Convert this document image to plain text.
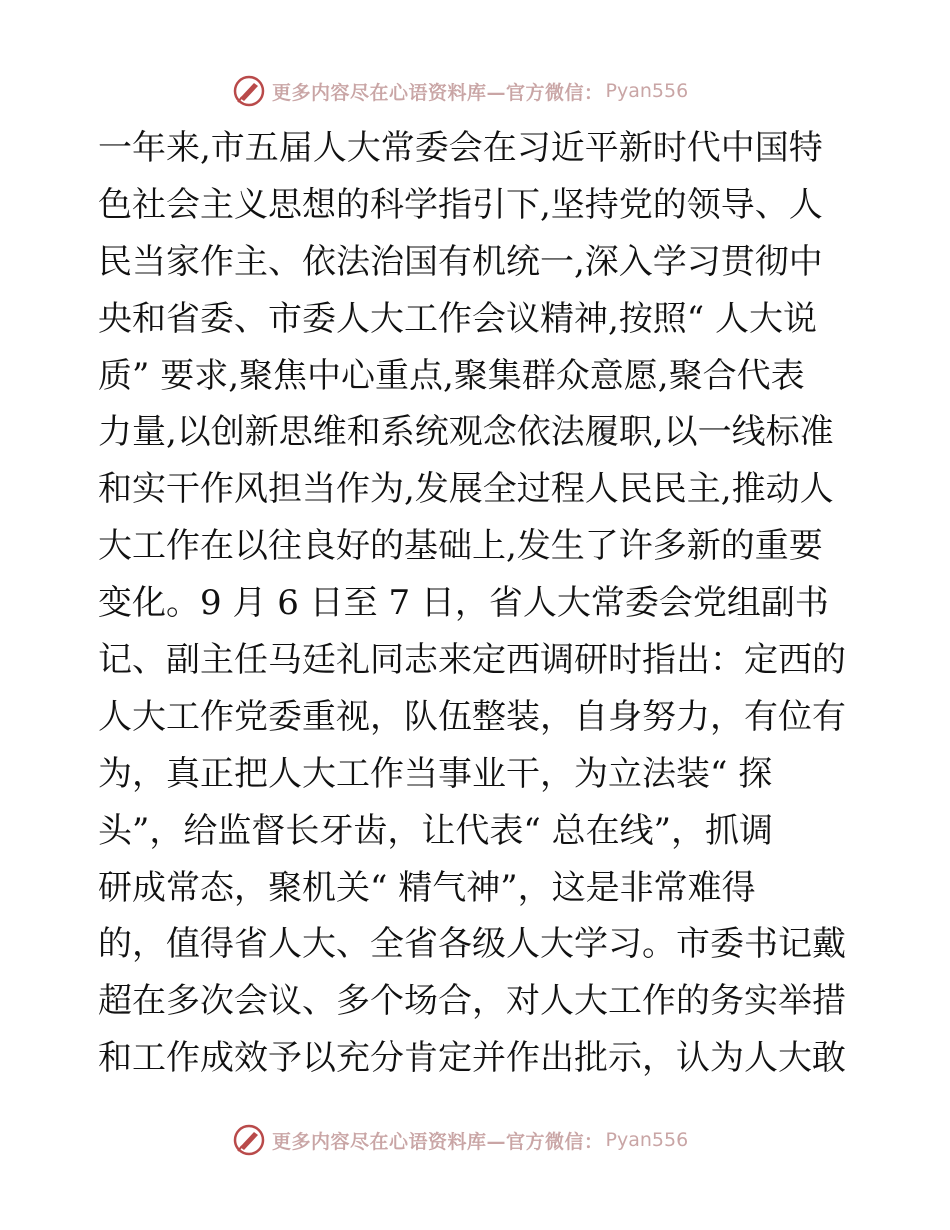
更多内容尽在心语资料库—官方微信： Pyan556
一年来,市五届人大常委会在习近平新时代中国特
色社会主义思想的科学指引下,坚持党的领导、人
民当家作主、依法治国有机统一,深入学习贯彻中
央和省委、市委人大工作会议精神,按照“ 人大说
质” 要求,聚焦中心重点,聚集群众意愿,聚合代表
力量,以创新思维和系统观念依法履职,以一线标准
和实干作风担当作为,发展全过程人民民主,推动人
大工作在以往良好的基础上,发生了许多新的重要
变化。9 月 6 日至 7 日，省人大常委会党组副书
记、副主任马廷礼同志来定西调研时指出：定西的
人大工作党委重视，队伍整装，自身努力，有位有
为，真正把人大工作当事业干，为立法装“ 探
头”，给监督长牙齿，让代表“ 总在线”，抓调
研成常态，聚机关“ 精气神”，这是非常难得
的，值得省人大、全省各级人大学习。市委书记戴
超在多次会议、多个场合，对人大工作的务实举措
和工作成效予以充分肯定并作出批示，认为人大敢
更多内容尽在心语资料库—官方微信： Pyan556
